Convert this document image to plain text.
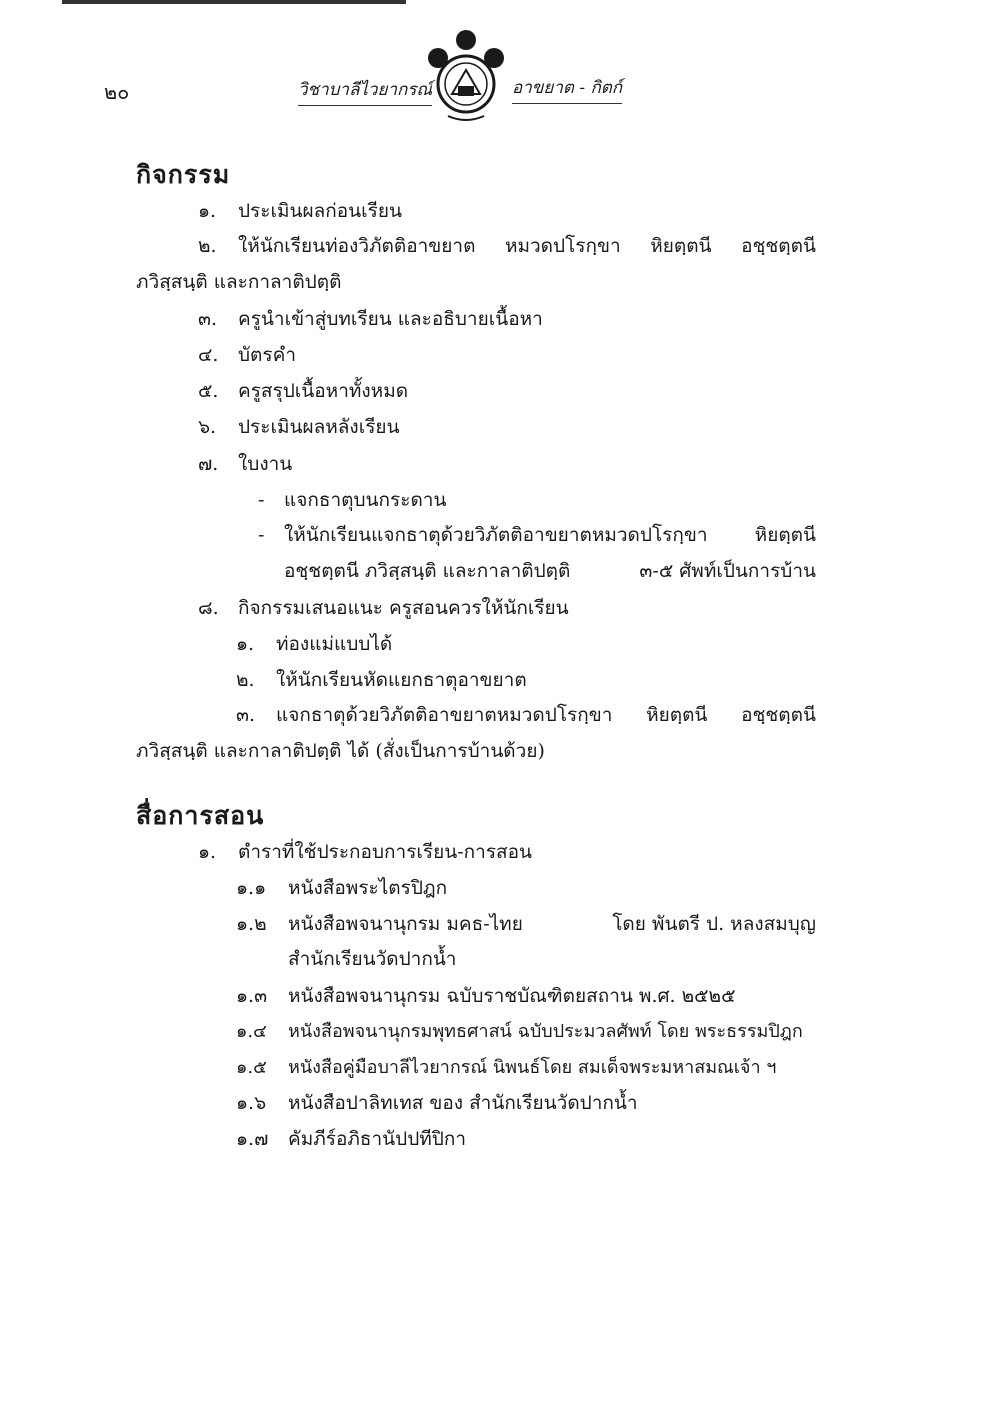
๒๐	วิชาบาลีไวยากรณ์	อาขยาต - กิตก์
กิจกรรม
๑. ประเมินผลก่อนเรียน
๒. ให้นักเรียนท่องวิภัตติอาขยาต หมวดปโรกฺขา หิยตฺตนี อชฺชตฺตนี
ภวิสฺสนฺติ และกาลาติปตฺติ
๓. ครูนำเข้าสู่บทเรียน และอธิบายเนื้อหา
๔. บัตรคำ
๕. ครูสรุปเนื้อหาทั้งหมด
๖. ประเมินผลหลังเรียน
๗. ใบงาน
- แจกธาตุบนกระดาน
- ให้นักเรียนแจกธาตุด้วยวิภัตติอาขยาตหมวดปโรกฺขา หิยตฺตนี
อชฺชตฺตนี ภวิสฺสนฺติ และกาลาติปตฺติ	๓-๕ ศัพท์เป็นการบ้าน
๘. กิจกรรมเสนอแนะ ครูสอนควรให้นักเรียน
๑. ท่องแม่แบบได้
๒. ให้นักเรียนหัดแยกธาตุอาขยาต
๓. แจกธาตุด้วยวิภัตติอาขยาตหมวดปโรกฺขา หิยตฺตนี อชฺชตฺตนี
ภวิสฺสนฺติ และกาลาติปตฺติ ได้ (สั่งเป็นการบ้านด้วย)
สื่อการสอน
๑. ตำราที่ใช้ประกอบการเรียน-การสอน
๑.๑ หนังสือพระไตรปิฎก
๑.๒ หนังสือพจนานุกรม มคธ-ไทย	โดย พันตรี ป. หลงสมบุญ
สำนักเรียนวัดปากน้ำ
๑.๓ หนังสือพจนานุกรม ฉบับราชบัณฑิตยสถาน พ.ศ. ๒๕๒๕
๑.๔ หนังสือพจนานุกรมพุทธศาสน์ ฉบับประมวลศัพท์ โดย พระธรรมปิฎก
๑.๕ หนังสือคู่มือบาลีไวยากรณ์ นิพนธ์โดย สมเด็จพระมหาสมณเจ้า ฯ
๑.๖ หนังสือปาลิทเทส ของ สำนักเรียนวัดปากน้ำ
๑.๗ คัมภีร์อภิธานัปปทีปิกา
